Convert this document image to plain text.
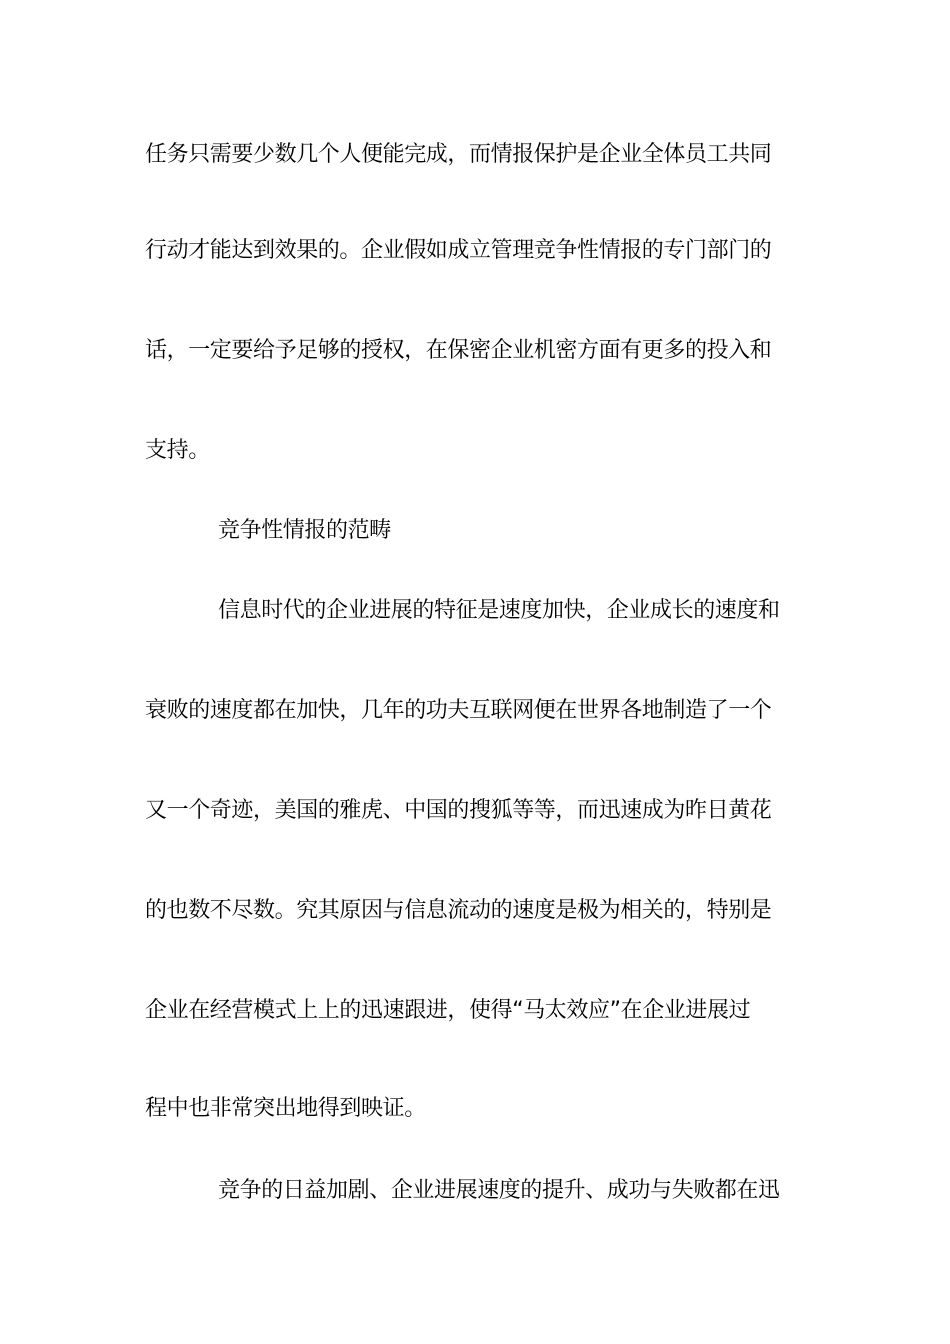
任务只需要少数几个人便能完成，而情报保护是企业全体员工共同
行动才能达到效果的。企业假如成立管理竞争性情报的专门部门的
话，一定要给予足够的授权，在保密企业机密方面有更多的投入和
支持。
竞争性情报的范畴
信息时代的企业进展的特征是速度加快，企业成长的速度和
衰败的速度都在加快，几年的功夫互联网便在世界各地制造了一个
又一个奇迹，美国的雅虎、中国的搜狐等等，而迅速成为昨日黄花
的也数不尽数。究其原因与信息流动的速度是极为相关的，特别是
企业在经营模式上上的迅速跟进，使得“马太效应”在企业进展过
程中也非常突出地得到映证。
竞争的日益加剧、企业进展速度的提升、成功与失败都在迅
